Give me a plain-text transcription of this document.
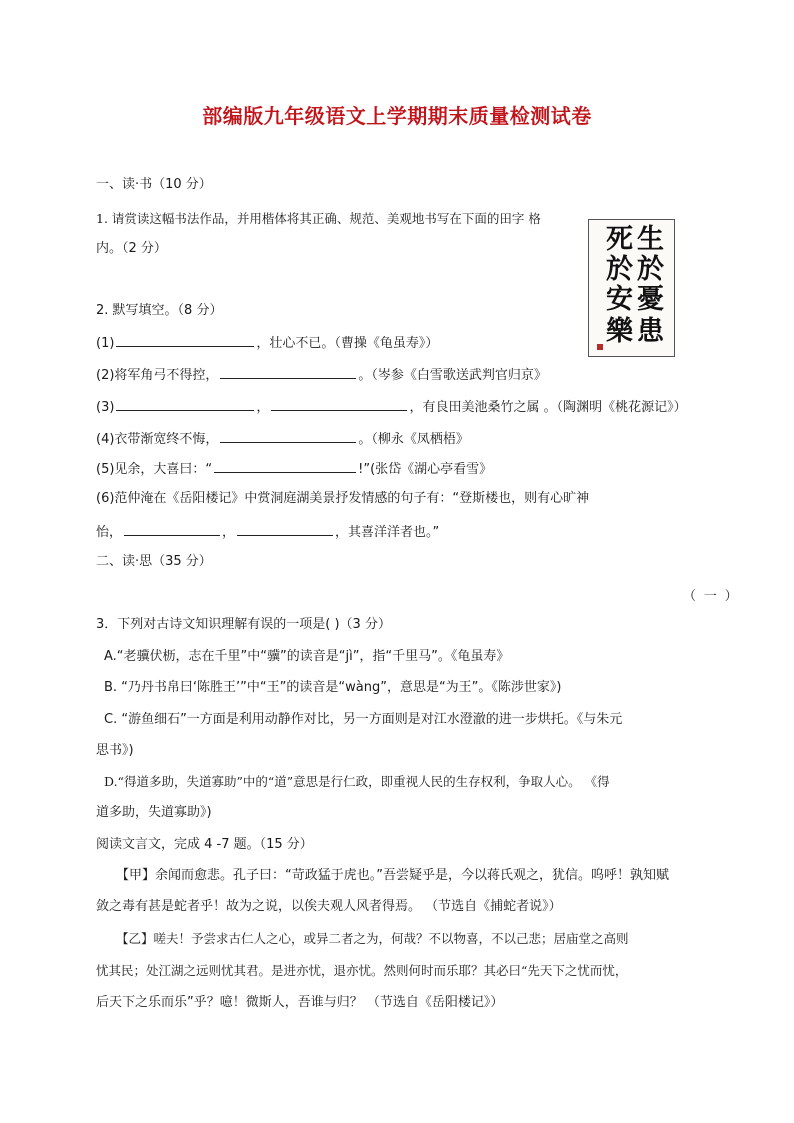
部编版九年级语文上学期期末质量检测试卷
一、读·书（10 分）
1. 请赏读这幅书法作品，并用楷体将其正确、规范、美观地书写在下面的田字 格
内。（2 分）	生
於
憂
患
死
於
安
樂
2. 默写填空。（8 分）
(1)	，壮心不已。（曹操《龟虽寿》）
(2)将军角弓不得控，	。（岑参《白雪歌送武判官归京》
(3)	，	，有良田美池桑竹之属 。（陶渊明《桃花源记》）
(4)衣带渐宽终不悔，	。（柳永《凤栖梧》
(5)见余，大喜曰：“	!”(张岱《湖心亭看雪》
(6)范仲淹在《岳阳楼记》中赏洞庭湖美景抒发情感的句子有：“登斯楼也，则有心旷神
怡，	，	，其喜洋洋者也。”
二、读·思（35 分）
（ 一 ）
3．下列对古诗文知识理解有误的一项是( )（3 分）
A.“老骥伏枥，志在千里”中“骥”的读音是“jì”，指“千里马”。《龟虽寿》
B. “乃丹书帛曰‘陈胜王’”中“王”的读音是“wàng”，意思是“为王”。《陈涉世家》)
C. “游鱼细石”一方面是利用动静作对比，另一方面则是对江水澄澈的进一步烘托。《与朱元
思书》)
D.“得道多助，失道寡助”中的“道”意思是行仁政，即重视人民的生存权利，争取人心。 《得
道多助，失道寡助》)
阅读文言文，完成 4 -7 题。（15 分）
【甲】余闻而愈悲。孔子曰：“苛政猛于虎也。”吾尝疑乎是，今以蒋氏观之，犹信。呜呼！孰知赋
敛之毒有甚是蛇者乎！故为之说，以俟夫观人风者得焉。 （节选自《捕蛇者说》）
【乙】嗟夫！予尝求古仁人之心，或异二者之为，何哉？不以物喜，不以己悲；居庙堂之高则
忧其民；处江湖之远则忧其君。是进亦忧，退亦忧。然则何时而乐耶？其必曰“先天下之忧而忧，
后天下之乐而乐”乎？噫！微斯人，吾谁与归？ （节选自《岳阳楼记》）
